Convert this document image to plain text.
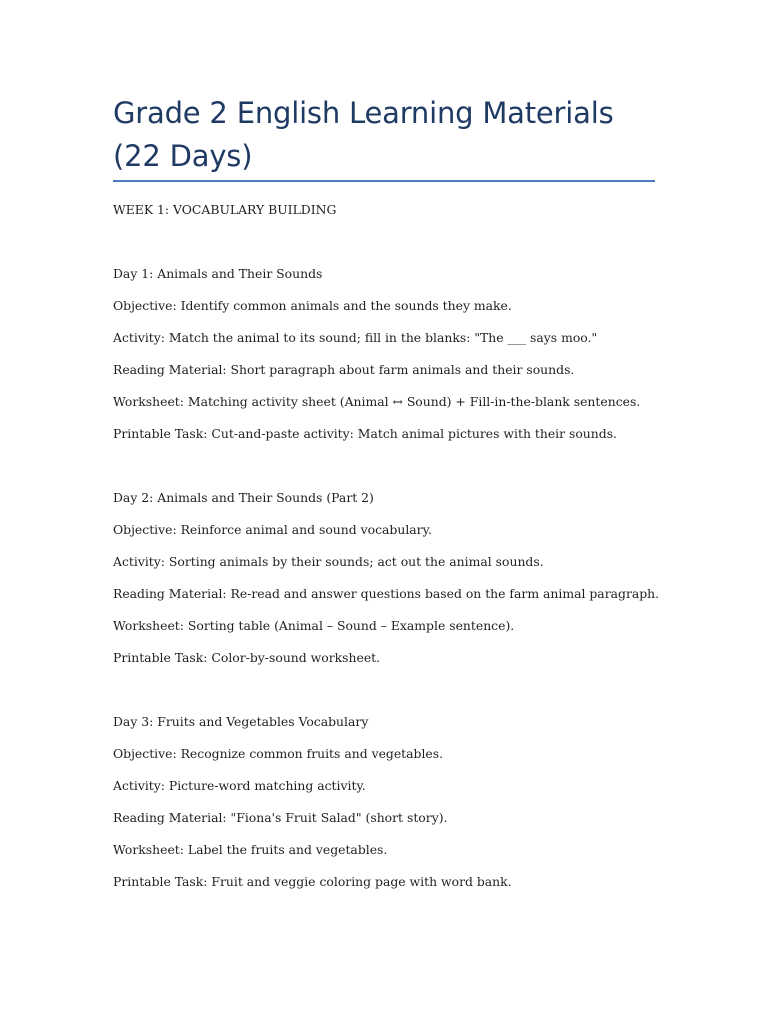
Grade 2 English Learning Materials (22 Days)
WEEK 1: VOCABULARY BUILDING
Day 1: Animals and Their Sounds
Objective: Identify common animals and the sounds they make.
Activity: Match the animal to its sound; fill in the blanks: "The ___ says moo."
Reading Material: Short paragraph about farm animals and their sounds.
Worksheet: Matching activity sheet (Animal ↔ Sound) + Fill-in-the-blank sentences.
Printable Task: Cut-and-paste activity: Match animal pictures with their sounds.
Day 2: Animals and Their Sounds (Part 2)
Objective: Reinforce animal and sound vocabulary.
Activity: Sorting animals by their sounds; act out the animal sounds.
Reading Material: Re-read and answer questions based on the farm animal paragraph.
Worksheet: Sorting table (Animal – Sound – Example sentence).
Printable Task: Color-by-sound worksheet.
Day 3: Fruits and Vegetables Vocabulary
Objective: Recognize common fruits and vegetables.
Activity: Picture-word matching activity.
Reading Material: "Fiona's Fruit Salad" (short story).
Worksheet: Label the fruits and vegetables.
Printable Task: Fruit and veggie coloring page with word bank.
